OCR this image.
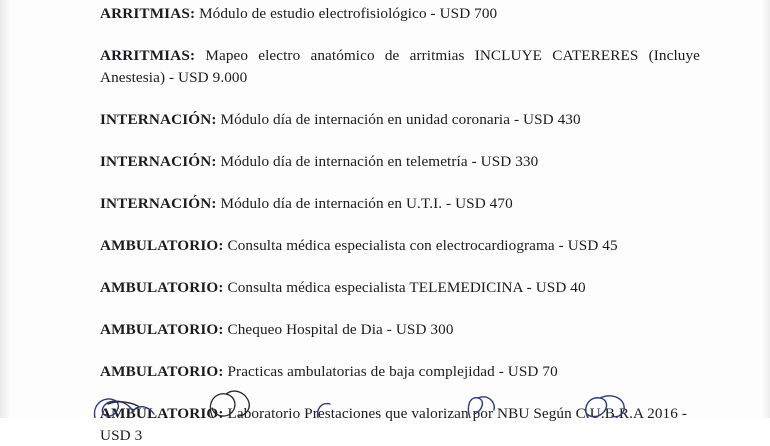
ARRITMIAS: Módulo de estudio electrofisiológico - USD 700

ARRITMIAS: Mapeo electro anatómico de arritmias INCLUYE CATERERES (Incluye Anestesia) - USD 9.000

INTERNACIÓN: Módulo día de internación en unidad coronaria - USD 430

INTERNACIÓN: Módulo día de internación en telemetría - USD 330

INTERNACIÓN: Módulo día de internación en U.T.I. - USD 470

AMBULATORIO: Consulta médica especialista con electrocardiograma - USD 45

AMBULATORIO: Consulta médica especialista TELEMEDICINA - USD 40

AMBULATORIO: Chequeo Hospital de Dia - USD 300

AMBULATORIO: Practicas ambulatorias de baja complejidad - USD 70

AMBULATORIO: Laboratorio Prestaciones que valorizan por NBU Según C.U.B.R.A 2016 - USD 3
